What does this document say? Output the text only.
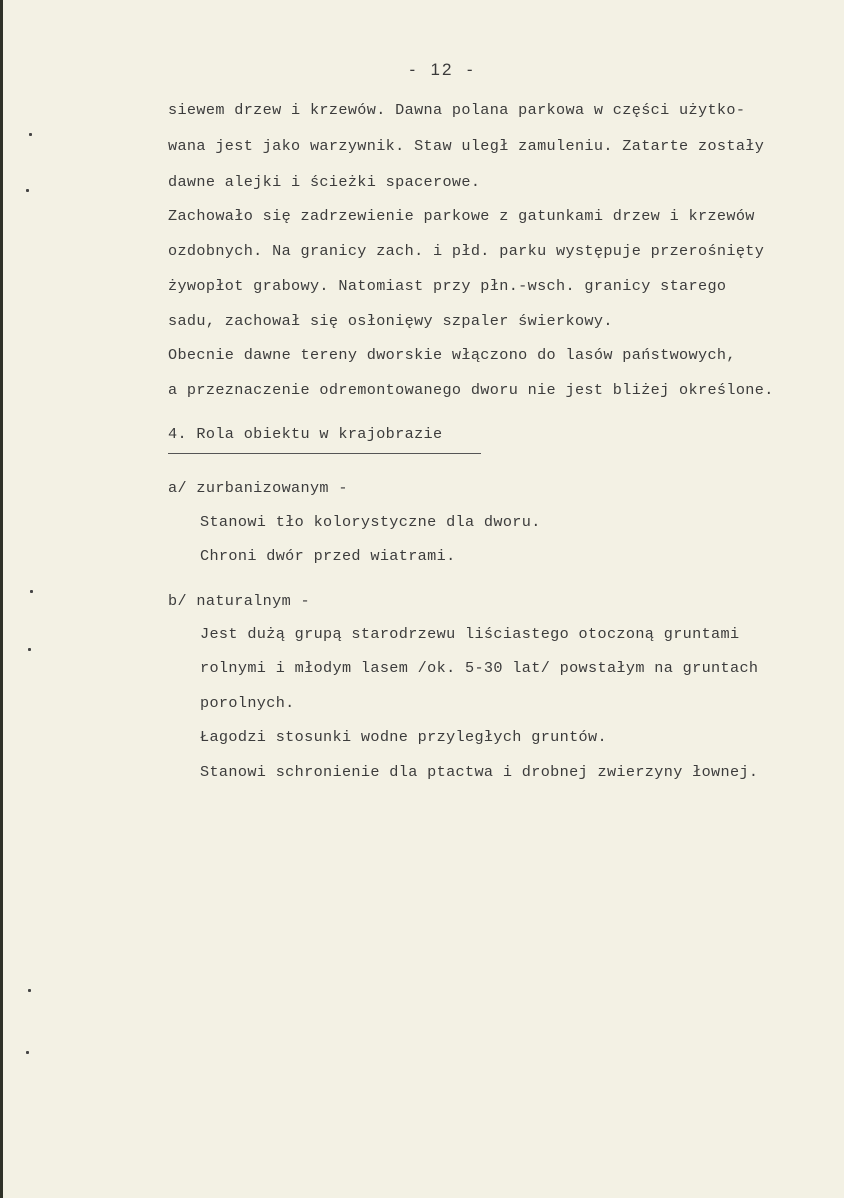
-  12  -
siewem drzew i krzewów. Dawna polana parkowa w części użytko-
wana jest jako warzywnik. Staw uległ zamuleniu. Zatarte zostały
dawne alejki i ścieżki spacerowe.
Zachowało się zadrzewienie parkowe z gatunkami drzew i krzewów
ozdobnych. Na granicy zach. i płd. parku występuje przerośnięty
żywopłot grabowy. Natomiast przy płn.-wsch. granicy starego
sadu, zachował się osłonięwy szpaler świerkowy.
Obecnie dawne tereny dworskie włączono do lasów państwowych,
a przeznaczenie odremontowanego dworu nie jest bliżej określone.
4. Rola obiektu w krajobrazie
a/ zurbanizowanym -
Stanowi tło kolorystyczne dla dworu.
Chroni dwór przed wiatrami.
b/ naturalnym -
Jest dużą grupą starodrzewu liściastego otoczoną gruntami
rolnymi i młodym lasem /ok. 5-30 lat/ powstałym na gruntach
porolnych.
Łagodzi stosunki wodne przyległych gruntów.
Stanowi schronienie dla ptactwa i drobnej zwierzyny łownej.
